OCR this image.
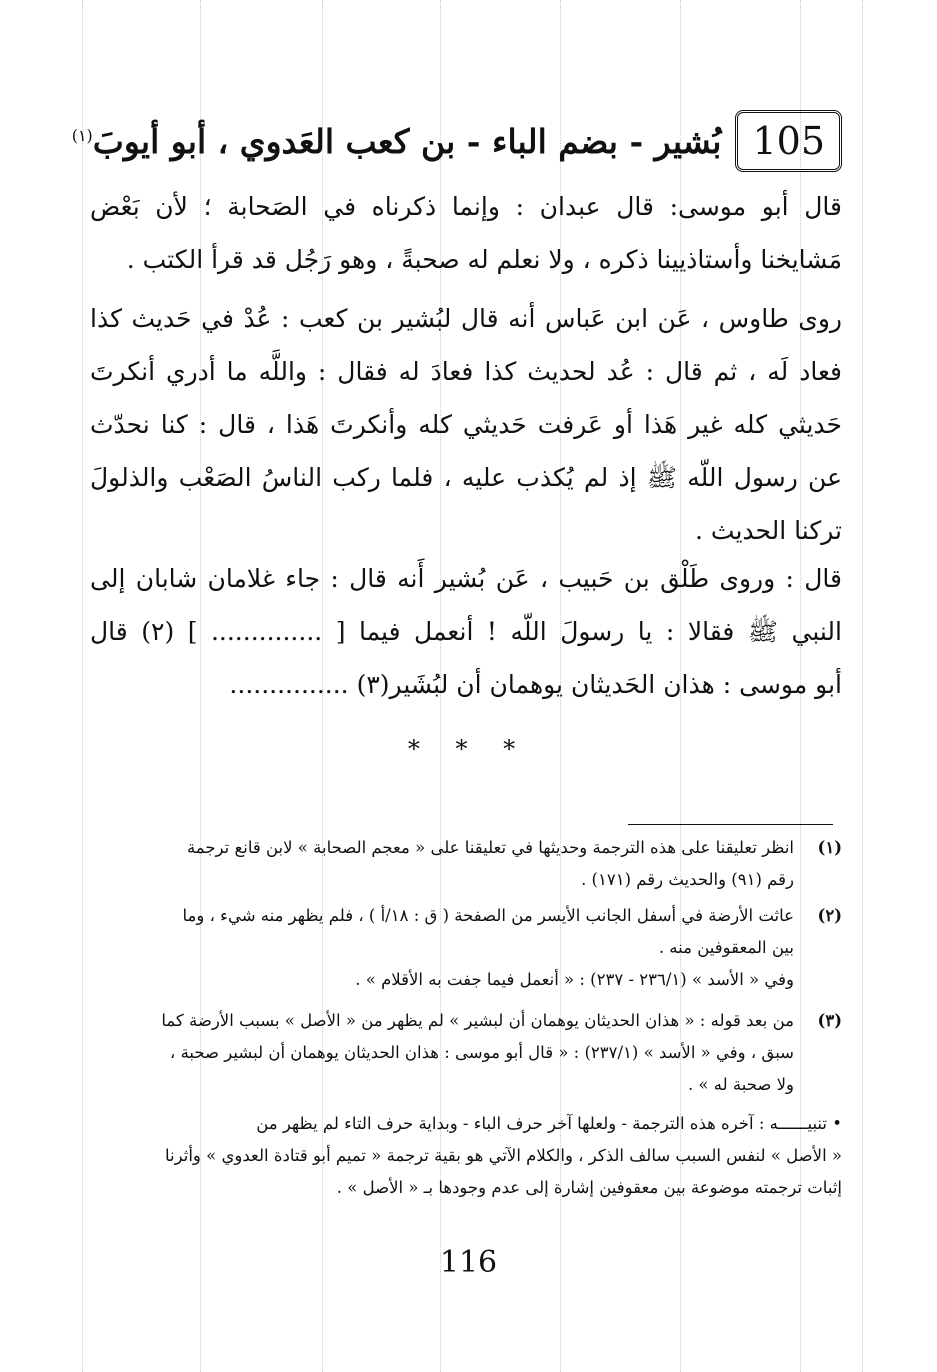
105
بُشير - بضم الباء - بن كعب العَدوي ، أبو أيوبَ$^{(١)}$
قال أبو موسى: قال عبدان : وإنما ذكرناه في الصَحابة ؛ لأن بَعْض
مَشايخنا وأستاذيينا ذكره ، ولا نعلم له صحبةً ، وهو رَجُل قد قرأ الكتب .
روى طاوس ، عَن ابن عَباس أنه قال لبُشير بن كعب : عُدْ في حَديث كذا
فعاد لَه ، ثم قال : عُد لحديث كذا فعادَ له فقال : واللَّه ما أدري أنكرتَ
حَديثي كله غير هَذا أو عَرفت حَديثي كله وأنكرتَ هَذا ، قال : كنا نحدّث
عن رسول اللّه ﷺ إذ لم يُكذب عليه ، فلما ركب الناسُ الصَعْب والذلولَ
تركنا الحديث .
قال : وروى طَلْق بن حَبيب ، عَن بُشير أَنه قال : جاء غلامان شابان إلى
النبي ﷺ فقالا : يا رسولَ اللّه ! أنعمل فيما [ .............. ] (٢) قال
أبو موسى : هذان الحَديثان يوهمان أن لبُشَير(٣) ...............
* * *
(١)انظر تعليقنا على هذه الترجمة وحديثها في تعليقنا على « معجم الصحابة » لابن قانع ترجمة
رقم (٩١) والحديث رقم (١٧١) .
(٢)عاثت الأرضة في أسفل الجانب الأيسر من الصفحة ( ق : ١٨/أ ) ، فلم يظهر منه شيء ، وما
بين المعقوفين منه .
وفي « الأسد » (٢٣٦/١ - ٢٣٧) : « أنعمل فيما جفت به الأقلام » .
(٣)من بعد قوله : « هذان الحديثان يوهمان أن لبشير » لم يظهر من « الأصل » بسبب الأرضة كما
سبق ، وفي « الأسد » (٢٣٧/١) : « قال أبو موسى : هذان الحديثان يوهمان أن لبشير صحبة ،
ولا صحبة له » .
• تنبيــــــه : آخره هذه الترجمة - ولعلها آخر حرف الباء - وبداية حرف التاء لم يظهر من
« الأصل » لنفس السبب سالف الذكر ، والكلام الآتي هو بقية ترجمة « تميم أبو قتادة العدوي » وأثرنا
إثبات ترجمته موضوعة بين معقوفين إشارة إلى عدم وجودها بـ « الأصل » .
116
